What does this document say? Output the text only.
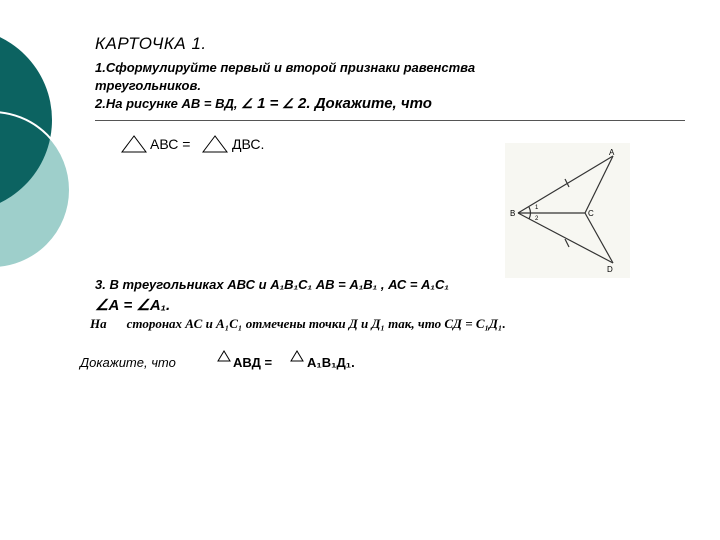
КАРТОЧКА 1.
1.Сформулируйте первый и второй признаки равенства
треугольников.
2.На рисунке АВ = ВД, ∠ 1 = ∠ 2. Докажите, что
АВС =	ДВС.
A
B	C
D
1
2
3. В треугольниках АВС и А₁В₁С₁ АВ = А₁В₁ , АС = А₁С₁
∠А = ∠А₁.
На сторонах АС и А₁С₁ отмечены точки Д и Д₁ так, что СД = С₁Д₁.
Докажите, что	АВД =	А₁В₁Д₁.
